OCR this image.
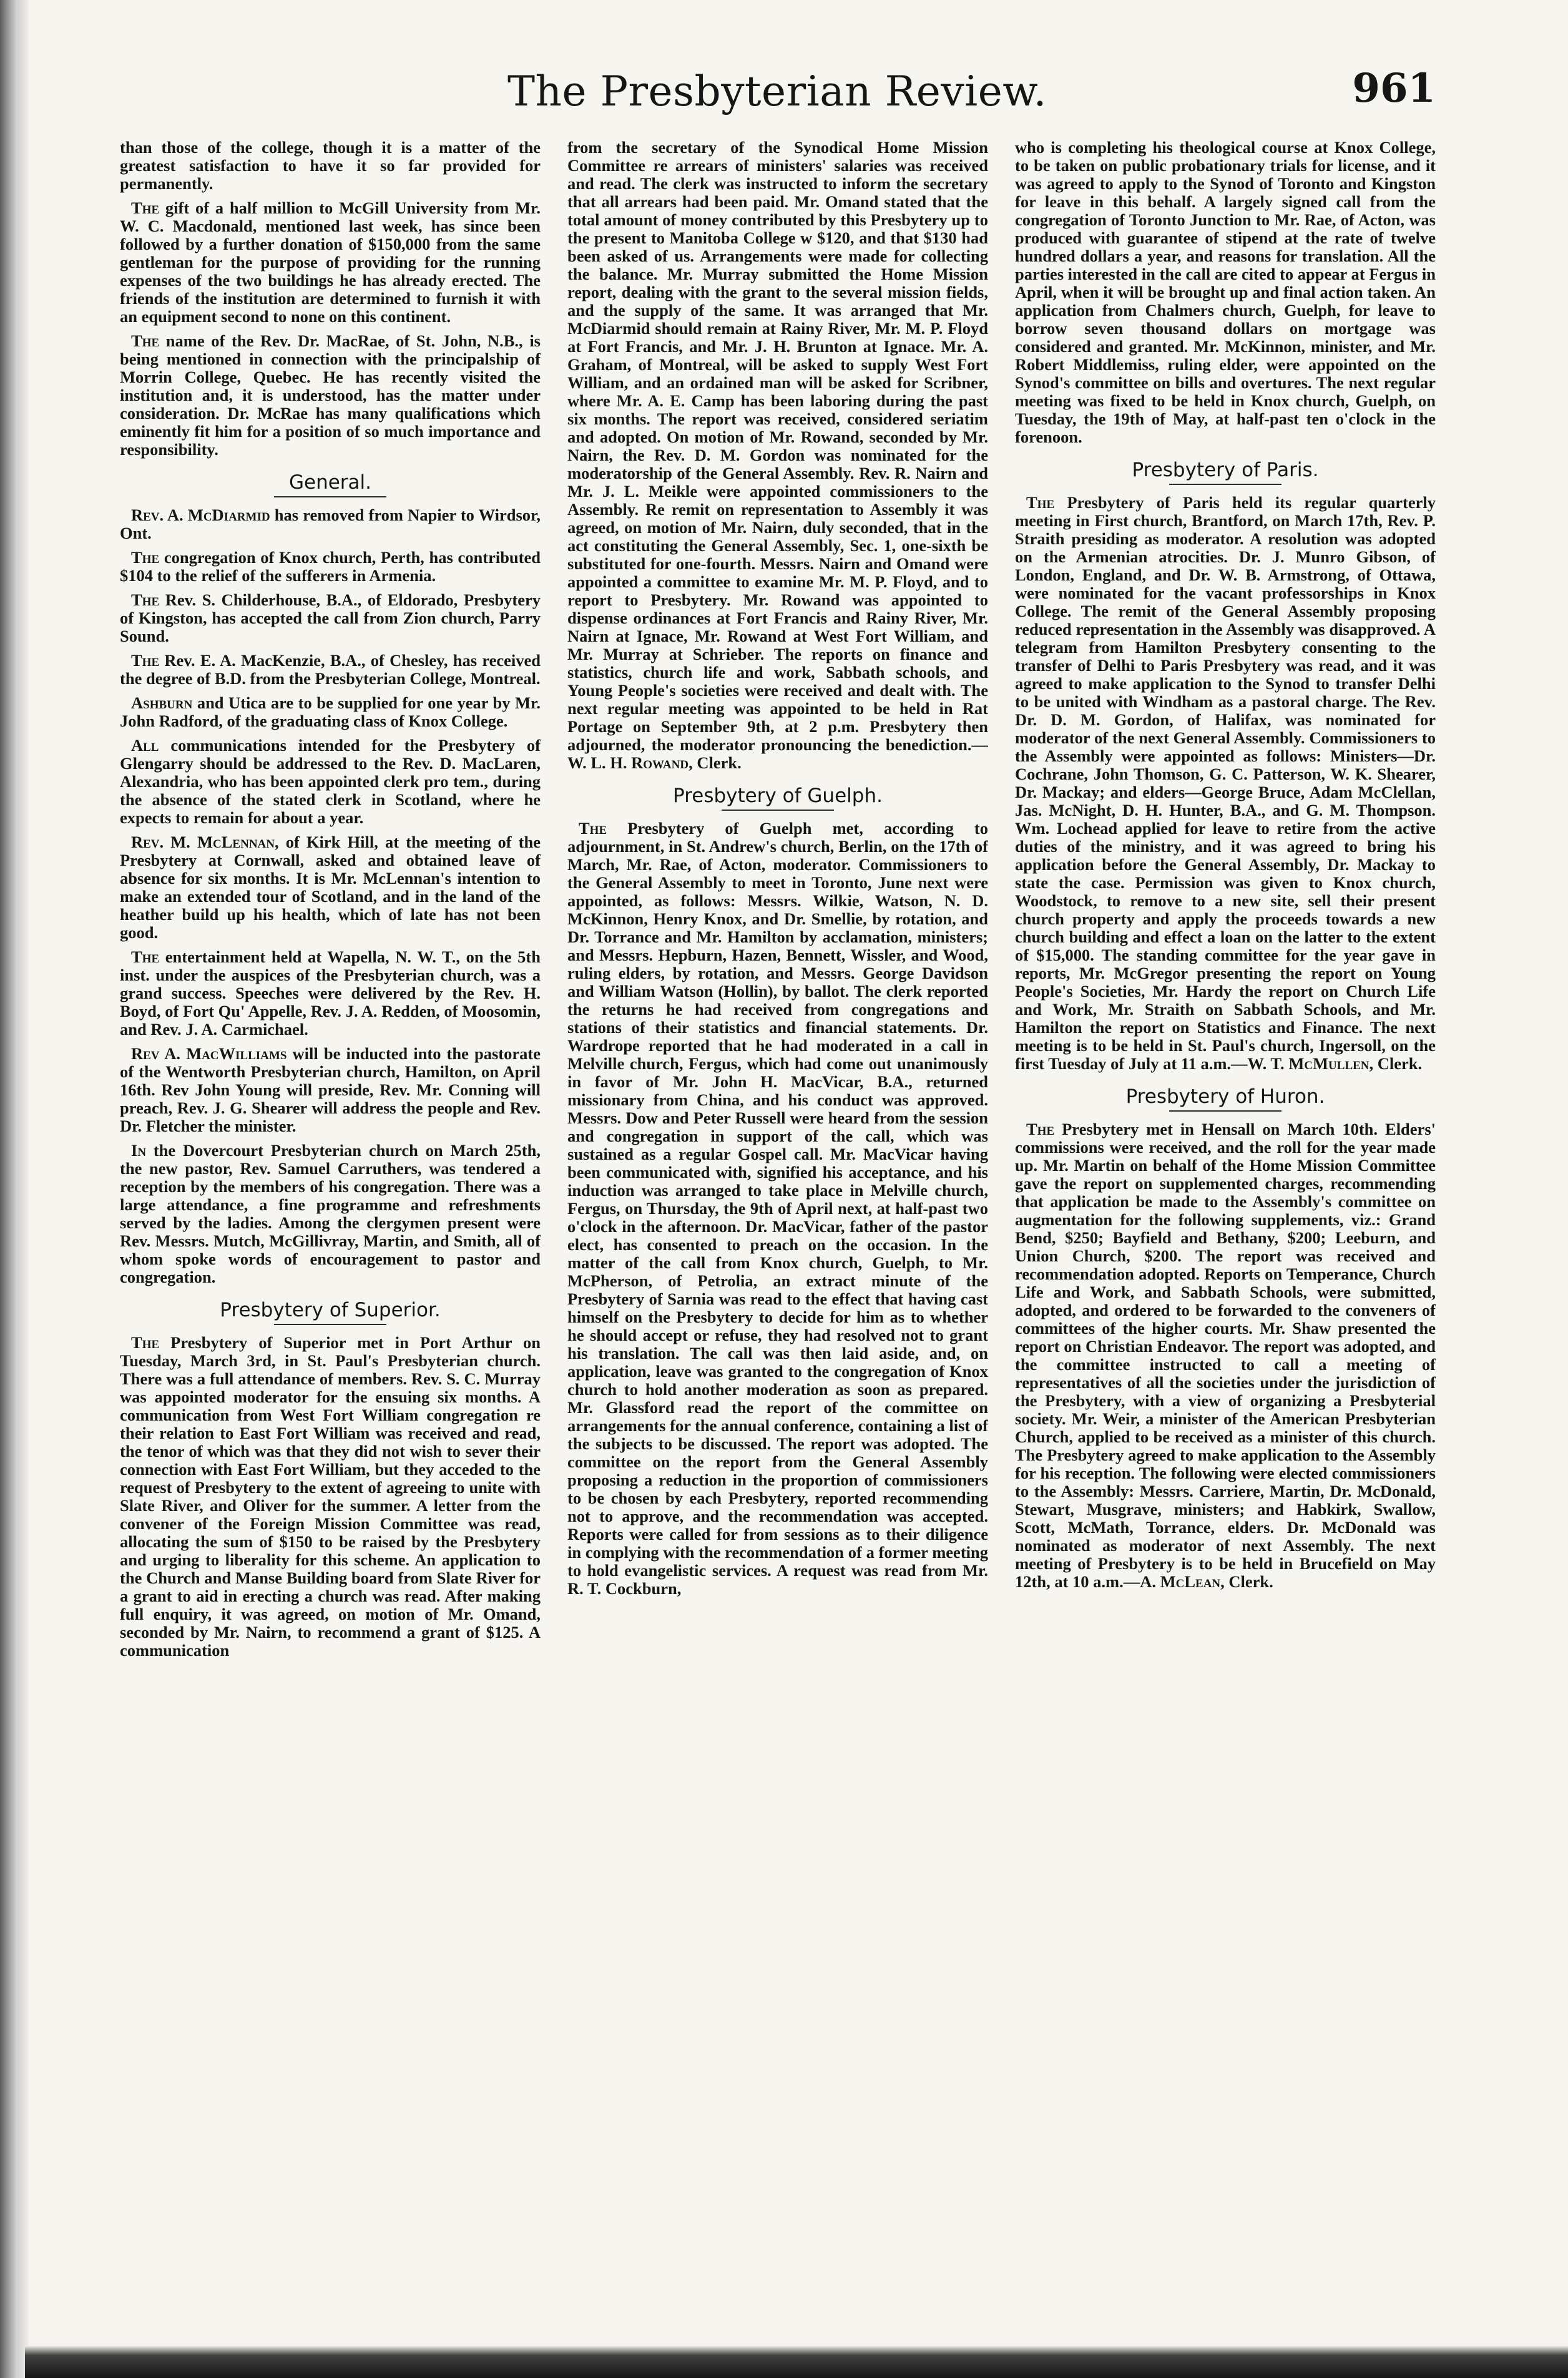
The Presbyterian Review.	961

than those of the college, though it is a matter of the greatest satisfaction to have it so far provided for permanently.

The gift of a half million to McGill University from Mr. W. C. Macdonald, mentioned last week, has since been followed by a further donation of $150,000 from the same gentleman for the purpose of providing for the running expenses of the two buildings he has already erected. The friends of the institution are determined to furnish it with an equipment second to none on this continent.

The name of the Rev. Dr. MacRae, of St. John, N.B., is being mentioned in connection with the principalship of Morrin College, Quebec. He has recently visited the institution and, it is understood, has the matter under consideration. Dr. McRae has many qualifications which eminently fit him for a position of so much importance and responsibility.

General.

Rev. A. McDiarmid has removed from Napier to Wirdsor, Ont.

The congregation of Knox church, Perth, has contributed $104 to the relief of the sufferers in Armenia.

The Rev. S. Childerhouse, B.A., of Eldorado, Presbytery of Kingston, has accepted the call from Zion church, Parry Sound.

The Rev. E. A. MacKenzie, B.A., of Chesley, has received the degree of B.D. from the Presbyterian College, Montreal.

Ashburn and Utica are to be supplied for one year by Mr. John Radford, of the graduating class of Knox College.

All communications intended for the Presbytery of Glengarry should be addressed to the Rev. D. MacLaren, Alexandria, who has been appointed clerk pro tem., during the absence of the stated clerk in Scotland, where he expects to remain for about a year.

Rev. M. McLennan, of Kirk Hill, at the meeting of the Presbytery at Cornwall, asked and obtained leave of absence for six months. It is Mr. McLennan's intention to make an extended tour of Scotland, and in the land of the heather build up his health, which of late has not been good.

The entertainment held at Wapella, N. W. T., on the 5th inst. under the auspices of the Presbyterian church, was a grand success. Speeches were delivered by the Rev. H. Boyd, of Fort Qu' Appelle, Rev. J. A. Redden, of Moosomin, and Rev. J. A. Carmichael.

Rev A. MacWilliams will be inducted into the pastorate of the Wentworth Presbyterian church, Hamilton, on April 16th. Rev John Young will preside, Rev. Mr. Conning will preach, Rev. J. G. Shearer will address the people and Rev. Dr. Fletcher the minister.

In the Dovercourt Presbyterian church on March 25th, the new pastor, Rev. Samuel Carruthers, was tendered a reception by the members of his congregation. There was a large attendance, a fine programme and refreshments served by the ladies. Among the clergymen present were Rev. Messrs. Mutch, McGillivray, Martin, and Smith, all of whom spoke words of encouragement to pastor and congregation.

Presbytery of Superior.

The Presbytery of Superior met in Port Arthur on Tuesday, March 3rd, in St. Paul's Presbyterian church. There was a full attendance of members. Rev. S. C. Murray was appointed moderator for the ensuing six months. A communication from West Fort William congregation re their relation to East Fort William was received and read, the tenor of which was that they did not wish to sever their connection with East Fort William, but they acceded to the request of Presbytery to the extent of agreeing to unite with Slate River, and Oliver for the summer. A letter from the convener of the Foreign Mission Committee was read, allocating the sum of $150 to be raised by the Presbytery and urging to liberality for this scheme. An application to the Church and Manse Building board from Slate River for a grant to aid in erecting a church was read. After making full enquiry, it was agreed, on motion of Mr. Omand, seconded by Mr. Nairn, to recommend a grant of $125. A communication

from the secretary of the Synodical Home Mission Committee re arrears of ministers' salaries was received and read. The clerk was instructed to inform the secretary that all arrears had been paid. Mr. Omand stated that the total amount of money contributed by this Presbytery up to the present to Manitoba College w $120, and that $130 had been asked of us. Arrangements were made for collecting the balance. Mr. Murray submitted the Home Mission report, dealing with the grant to the several mission fields, and the supply of the same. It was arranged that Mr. McDiarmid should remain at Rainy River, Mr. M. P. Floyd at Fort Francis, and Mr. J. H. Brunton at Ignace. Mr. A. Graham, of Montreal, will be asked to supply West Fort William, and an ordained man will be asked for Scribner, where Mr. A. E. Camp has been laboring during the past six months. The report was received, considered seriatim and adopted. On motion of Mr. Rowand, seconded by Mr. Nairn, the Rev. D. M. Gordon was nominated for the moderatorship of the General Assembly. Rev. R. Nairn and Mr. J. L. Meikle were appointed commissioners to the Assembly. Re remit on representation to Assembly it was agreed, on motion of Mr. Nairn, duly seconded, that in the act constituting the General Assembly, Sec. 1, one-sixth be substituted for one-fourth. Messrs. Nairn and Omand were appointed a committee to examine Mr. M. P. Floyd, and to report to Presbytery. Mr. Rowand was appointed to dispense ordinances at Fort Francis and Rainy River, Mr. Nairn at Ignace, Mr. Rowand at West Fort William, and Mr. Murray at Schrieber. The reports on finance and statistics, church life and work, Sabbath schools, and Young People's societies were received and dealt with. The next regular meeting was appointed to be held in Rat Portage on September 9th, at 2 p.m. Presbytery then adjourned, the moderator pronouncing the benediction.—W. L. H. Rowand, Clerk.

Presbytery of Guelph.

The Presbytery of Guelph met, according to adjournment, in St. Andrew's church, Berlin, on the 17th of March, Mr. Rae, of Acton, moderator. Commissioners to the General Assembly to meet in Toronto, June next were appointed, as follows: Messrs. Wilkie, Watson, N. D. McKinnon, Henry Knox, and Dr. Smellie, by rotation, and Dr. Torrance and Mr. Hamilton by acclamation, ministers; and Messrs. Hepburn, Hazen, Bennett, Wissler, and Wood, ruling elders, by rotation, and Messrs. George Davidson and William Watson (Hollin), by ballot. The clerk reported the returns he had received from congregations and stations of their statistics and financial statements. Dr. Wardrope reported that he had moderated in a call in Melville church, Fergus, which had come out unanimously in favor of Mr. John H. MacVicar, B.A., returned missionary from China, and his conduct was approved. Messrs. Dow and Peter Russell were heard from the session and congregation in support of the call, which was sustained as a regular Gospel call. Mr. MacVicar having been communicated with, signified his acceptance, and his induction was arranged to take place in Melville church, Fergus, on Thursday, the 9th of April next, at half-past two o'clock in the afternoon. Dr. MacVicar, father of the pastor elect, has consented to preach on the occasion. In the matter of the call from Knox church, Guelph, to Mr. McPherson, of Petrolia, an extract minute of the Presbytery of Sarnia was read to the effect that having cast himself on the Presbytery to decide for him as to whether he should accept or refuse, they had resolved not to grant his translation. The call was then laid aside, and, on application, leave was granted to the congregation of Knox church to hold another moderation as soon as prepared. Mr. Glassford read the report of the committee on arrangements for the annual conference, containing a list of the subjects to be discussed. The report was adopted. The committee on the report from the General Assembly proposing a reduction in the proportion of commissioners to be chosen by each Presbytery, reported recommending not to approve, and the recommendation was accepted. Reports were called for from sessions as to their diligence in complying with the recommendation of a former meeting to hold evangelistic services. A request was read from Mr. R. T. Cockburn,

who is completing his theological course at Knox College, to be taken on public probationary trials for license, and it was agreed to apply to the Synod of Toronto and Kingston for leave in this behalf. A largely signed call from the congregation of Toronto Junction to Mr. Rae, of Acton, was produced with guarantee of stipend at the rate of twelve hundred dollars a year, and reasons for translation. All the parties interested in the call are cited to appear at Fergus in April, when it will be brought up and final action taken. An application from Chalmers church, Guelph, for leave to borrow seven thousand dollars on mortgage was considered and granted. Mr. McKinnon, minister, and Mr. Robert Middlemiss, ruling elder, were appointed on the Synod's committee on bills and overtures. The next regular meeting was fixed to be held in Knox church, Guelph, on Tuesday, the 19th of May, at half-past ten o'clock in the forenoon.

Presbytery of Paris.

The Presbytery of Paris held its regular quarterly meeting in First church, Brantford, on March 17th, Rev. P. Straith presiding as moderator. A resolution was adopted on the Armenian atrocities. Dr. J. Munro Gibson, of London, England, and Dr. W. B. Armstrong, of Ottawa, were nominated for the vacant professorships in Knox College. The remit of the General Assembly proposing reduced representation in the Assembly was disapproved. A telegram from Hamilton Presbytery consenting to the transfer of Delhi to Paris Presbytery was read, and it was agreed to make application to the Synod to transfer Delhi to be united with Windham as a pastoral charge. The Rev. Dr. D. M. Gordon, of Halifax, was nominated for moderator of the next General Assembly. Commissioners to the Assembly were appointed as follows: Ministers—Dr. Cochrane, John Thomson, G. C. Patterson, W. K. Shearer, Dr. Mackay; and elders—George Bruce, Adam McClellan, Jas. McNight, D. H. Hunter, B.A., and G. M. Thompson. Wm. Lochead applied for leave to retire from the active duties of the ministry, and it was agreed to bring his application before the General Assembly, Dr. Mackay to state the case. Permission was given to Knox church, Woodstock, to remove to a new site, sell their present church property and apply the proceeds towards a new church building and effect a loan on the latter to the extent of $15,000. The standing committee for the year gave in reports, Mr. McGregor presenting the report on Young People's Societies, Mr. Hardy the report on Church Life and Work, Mr. Straith on Sabbath Schools, and Mr. Hamilton the report on Statistics and Finance. The next meeting is to be held in St. Paul's church, Ingersoll, on the first Tuesday of July at 11 a.m.—W. T. McMullen, Clerk.

Presbytery of Huron.

The Presbytery met in Hensall on March 10th. Elders' commissions were received, and the roll for the year made up. Mr. Martin on behalf of the Home Mission Committee gave the report on supplemented charges, recommending that application be made to the Assembly's committee on augmentation for the following supplements, viz.: Grand Bend, $250; Bayfield and Bethany, $200; Leeburn, and Union Church, $200. The report was received and recommendation adopted. Reports on Temperance, Church Life and Work, and Sabbath Schools, were submitted, adopted, and ordered to be forwarded to the conveners of committees of the higher courts. Mr. Shaw presented the report on Christian Endeavor. The report was adopted, and the committee instructed to call a meeting of representatives of all the societies under the jurisdiction of the Presbytery, with a view of organizing a Presbyterial society. Mr. Weir, a minister of the American Presbyterian Church, applied to be received as a minister of this church. The Presbytery agreed to make application to the Assembly for his reception. The following were elected commissioners to the Assembly: Messrs. Carriere, Martin, Dr. McDonald, Stewart, Musgrave, ministers; and Habkirk, Swallow, Scott, McMath, Torrance, elders. Dr. McDonald was nominated as moderator of next Assembly. The next meeting of Presbytery is to be held in Brucefield on May 12th, at 10 a.m.—A. McLean, Clerk.
